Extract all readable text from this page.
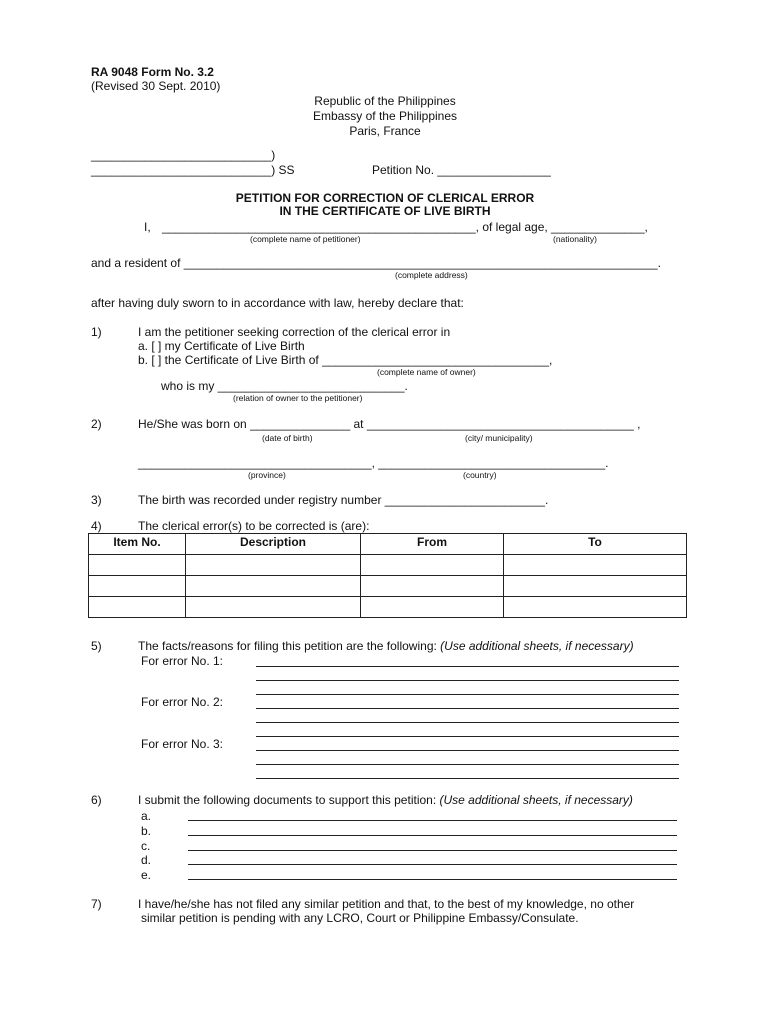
RA 9048 Form No. 3.2
(Revised 30 Sept. 2010)
Republic of the Philippines
Embassy of the Philippines
Paris, France
___________________________)
___________________________) SS	Petition No. _________________
PETITION FOR CORRECTION OF CLERICAL ERROR
IN THE CERTIFICATE OF LIVE BIRTH
I, _______________________________________________, of legal age, ______________,
(complete name of petitioner)	(nationality)
and a resident of _______________________________________________________________________.
(complete address)
after having duly sworn to in accordance with law, hereby declare that:
1)	I am the petitioner seeking correction of the clerical error in
a. [ ] my Certificate of Live Birth
b. [ ] the Certificate of Live Birth of __________________________________,
(complete name of owner)
who is my ____________________________.
(relation of owner to the petitioner)
2)	He/She was born on _______________ at ________________________________________ ,
(date of birth)	(city/ municipality)
___________________________________, __________________________________.
(province)	(country)
3)	The birth was recorded under registry number ________________________.
4)	The clerical error(s) to be corrected is (are):
Item No.	Description	From	To

5)	The facts/reasons for filing this petition are the following: (Use additional sheets, if necessary)
For error No. 1:
For error No. 2:
For error No. 3:
6)	I submit the following documents to support this petition: (Use additional sheets, if necessary)
a.
b.
c.
d.
e.
7)	I have/he/she has not filed any similar petition and that, to the best of my knowledge, no other
similar petition is pending with any LCRO, Court or Philippine Embassy/Consulate.
